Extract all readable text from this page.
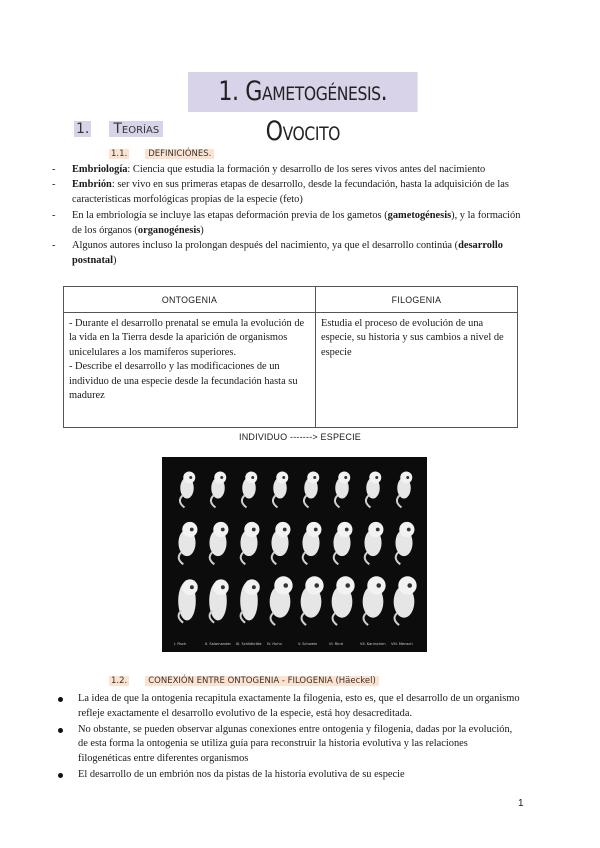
1. Gametogénesis. Ovocito
1. Teorías
1.1.	DEFINICIÓNES.
- Embriología: Ciencia que estudia la formación y desarrollo de los seres vivos antes del nacimiento
- Embrión: ser vivo en sus primeras etapas de desarrollo, desde la fecundación, hasta la adquisición de las características morfológicas propias de la especie (feto)
- En la embriología se incluye las etapas deformación previa de los gametos (gametogénesis), y la formación de los órganos (organogénesis)
- Algunos autores incluso la prolongan después del nacimiento, ya que el desarrollo continúa (desarrollo postnatal)
ONTOGENIA	FILOGENIA

- Durante el desarrollo prenatal se emula la evolución de la vida en la Tierra desde la aparición de organismos unicelulares a los mamíferos superiores.
- Describe el desarrollo y las modificaciones de un individuo de una especie desde la fecundación hasta su madurez	Estudia el proceso de evolución de una especie, su historia y sus cambios a nivel de especie
INDIVIDUO -------> ESPECIE
I. Fisch	II. Salamander III. Schildkröte IV. Huhn	V. Schwein	VI. Rind	VII. Kaninchen VIII. Mensch
1.2.	CONEXIÓN ENTRE ONTOGENIA - FILOGENIA (Häeckel)
La idea de que la ontogenia recapitula exactamente la filogenia, esto es, que el desarrollo de un organismo refleje exactamente el desarrollo evolutivo de la especie, está hoy desacreditada.
No obstante, se pueden observar algunas conexiones entre ontogenia y filogenia, dadas por la evolución, de esta forma la ontogenia se utiliza guía para reconstruir la historia evolutiva y las relaciones filogenéticas entre diferentes organismos
El desarrollo de un embrión nos da pistas de la historia evolutiva de su especie
1
